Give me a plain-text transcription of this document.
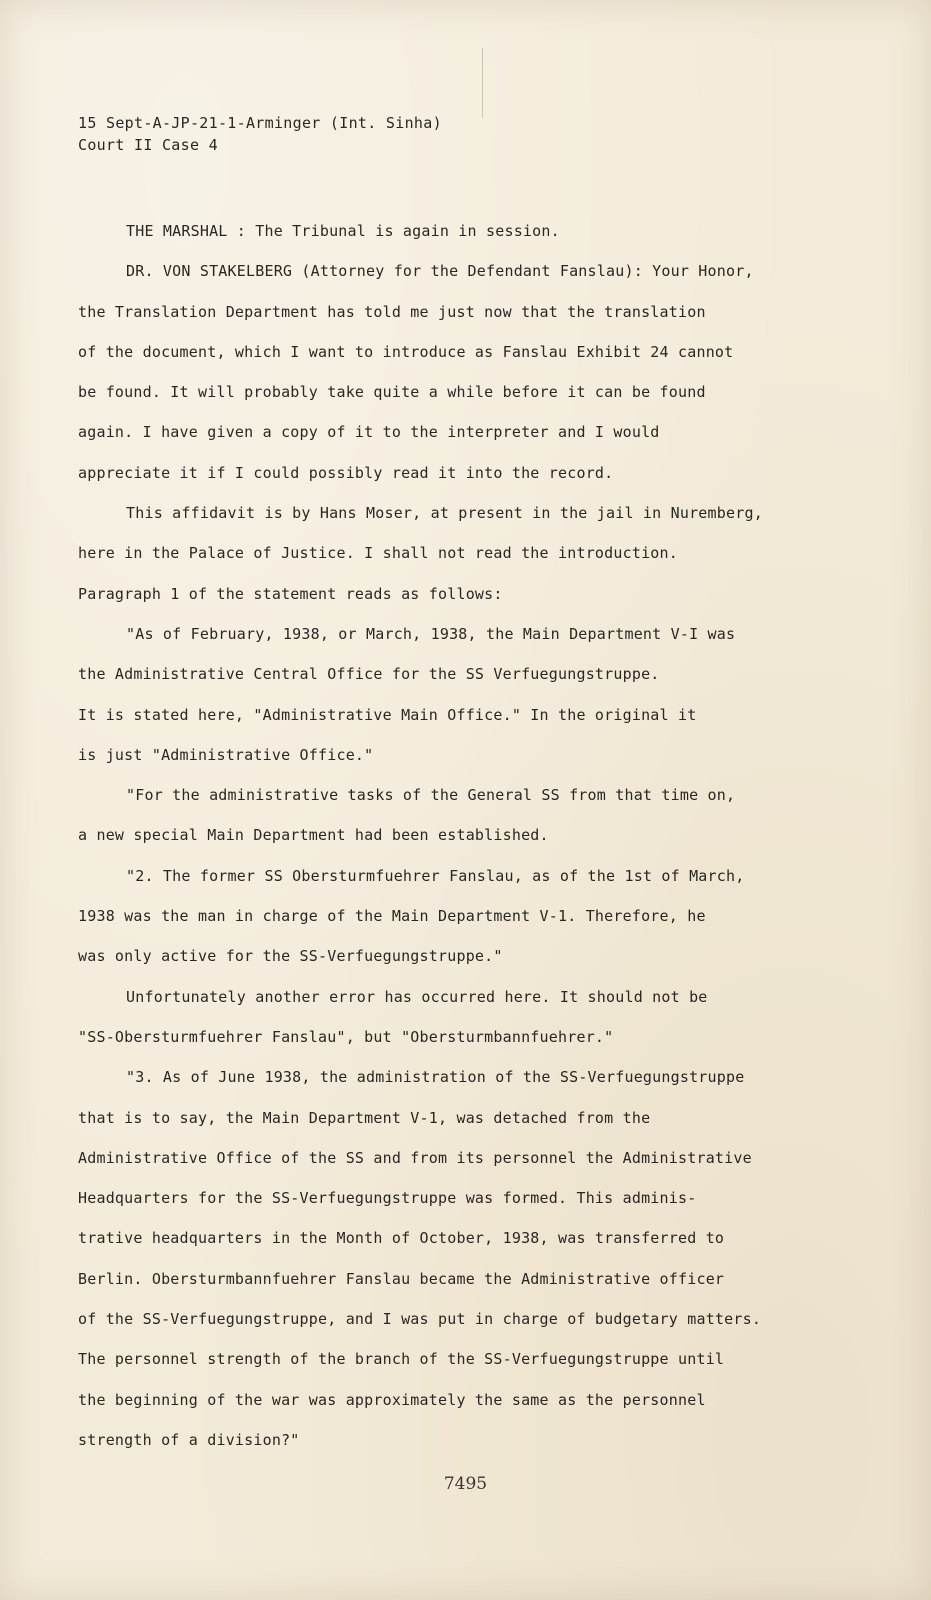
15 Sept-A-JP-21-1-Arminger (Int. Sinha)
Court II Case 4
THE MARSHAL : The Tribunal is again in session.
DR. VON STAKELBERG (Attorney for the Defendant Fanslau): Your Honor,
the Translation Department has told me just now that the translation
of the document, which I want to introduce as Fanslau Exhibit 24 cannot
be found. It will probably take quite a while before it can be found
again. I have given a copy of it to the interpreter and I would
appreciate it if I could possibly read it into the record.
This affidavit is by Hans Moser, at present in the jail in Nuremberg,
here in the Palace of Justice. I shall not read the introduction.
Paragraph 1 of the statement reads as follows:
"As of February, 1938, or March, 1938, the Main Department V-I was
the Administrative Central Office for the SS Verfuegungstruppe.
It is stated here, "Administrative Main Office." In the original it
is just "Administrative Office."
"For the administrative tasks of the General SS from that time on,
a new special Main Department had been established.
"2. The former SS Obersturmfuehrer Fanslau, as of the 1st of March,
1938 was the man in charge of the Main Department V-1. Therefore, he
was only active for the SS-Verfuegungstruppe."
Unfortunately another error has occurred here. It should not be
"SS-Obersturmfuehrer Fanslau", but "Obersturmbannfuehrer."
"3. As of June 1938, the administration of the SS-Verfuegungstruppe
that is to say, the Main Department V-1, was detached from the
Administrative Office of the SS and from its personnel the Administrative
Headquarters for the SS-Verfuegungstruppe was formed. This adminis-
trative headquarters in the Month of October, 1938, was transferred to
Berlin. Obersturmbannfuehrer Fanslau became the Administrative officer
of the SS-Verfuegungstruppe, and I was put in charge of budgetary matters.
The personnel strength of the branch of the SS-Verfuegungstruppe until
the beginning of the war was approximately the same as the personnel
strength of a division?"
7495
